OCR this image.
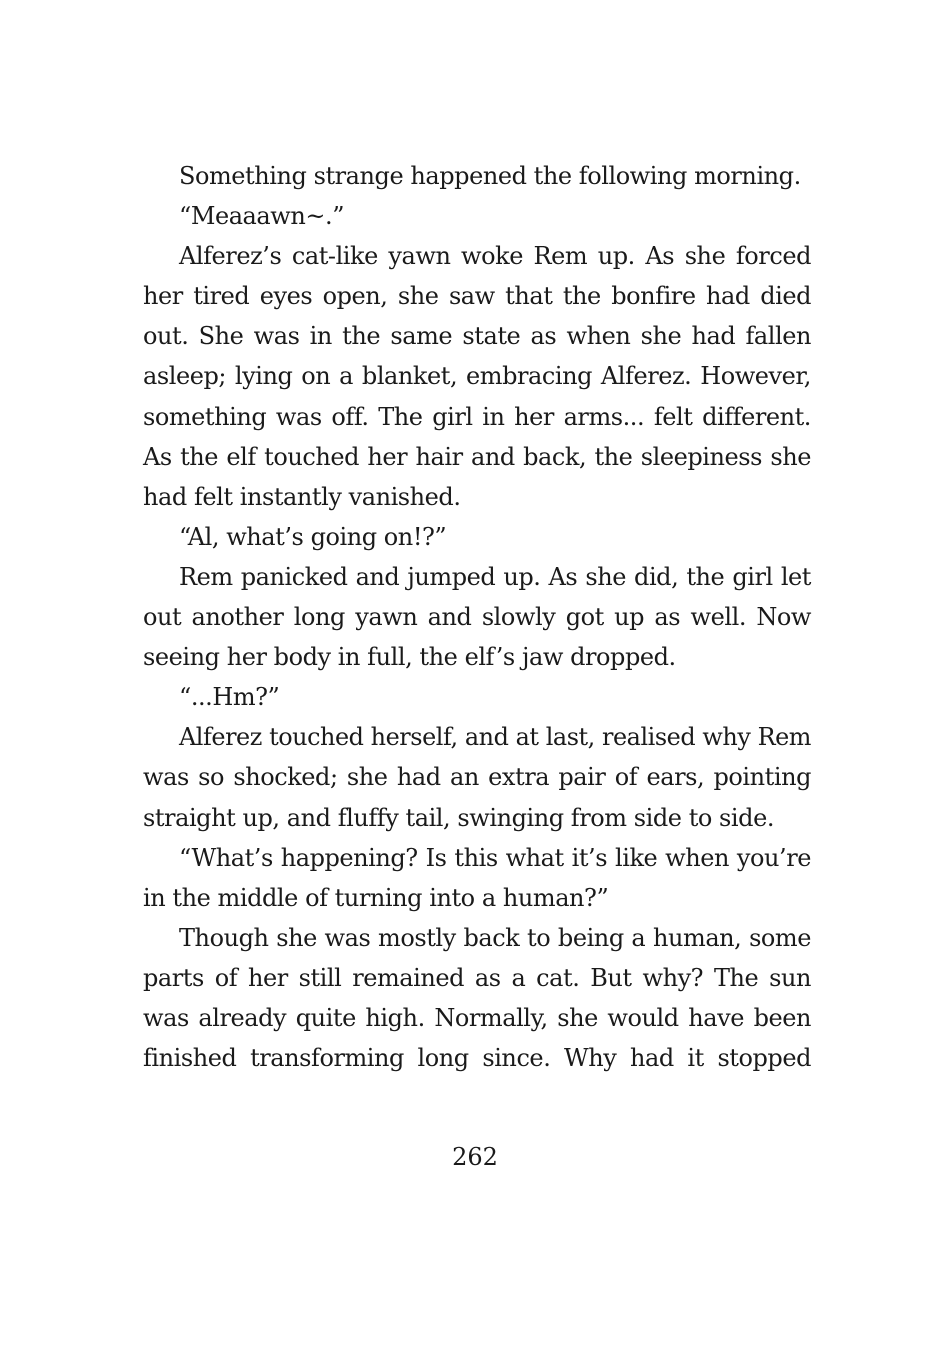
Something strange happened the following morning.
“Meaaawn~.”
Alferez’s cat-like yawn woke Rem up. As she forced
her tired eyes open, she saw that the bonfire had died
out. She was in the same state as when she had fallen
asleep; lying on a blanket, embracing Alferez. However,
something was off. The girl in her arms... felt different.
As the elf touched her hair and back, the sleepiness she
had felt instantly vanished.
“Al, what’s going on!?”
Rem panicked and jumped up. As she did, the girl let
out another long yawn and slowly got up as well. Now
seeing her body in full, the elf’s jaw dropped.
“...Hm?”
Alferez touched herself, and at last, realised why Rem
was so shocked; she had an extra pair of ears, pointing
straight up, and fluffy tail, swinging from side to side.
“What’s happening? Is this what it’s like when you’re
in the middle of turning into a human?”
Though she was mostly back to being a human, some
parts of her still remained as a cat. But why? The sun
was already quite high. Normally, she would have been
finished transforming long since. Why had it stopped
262
